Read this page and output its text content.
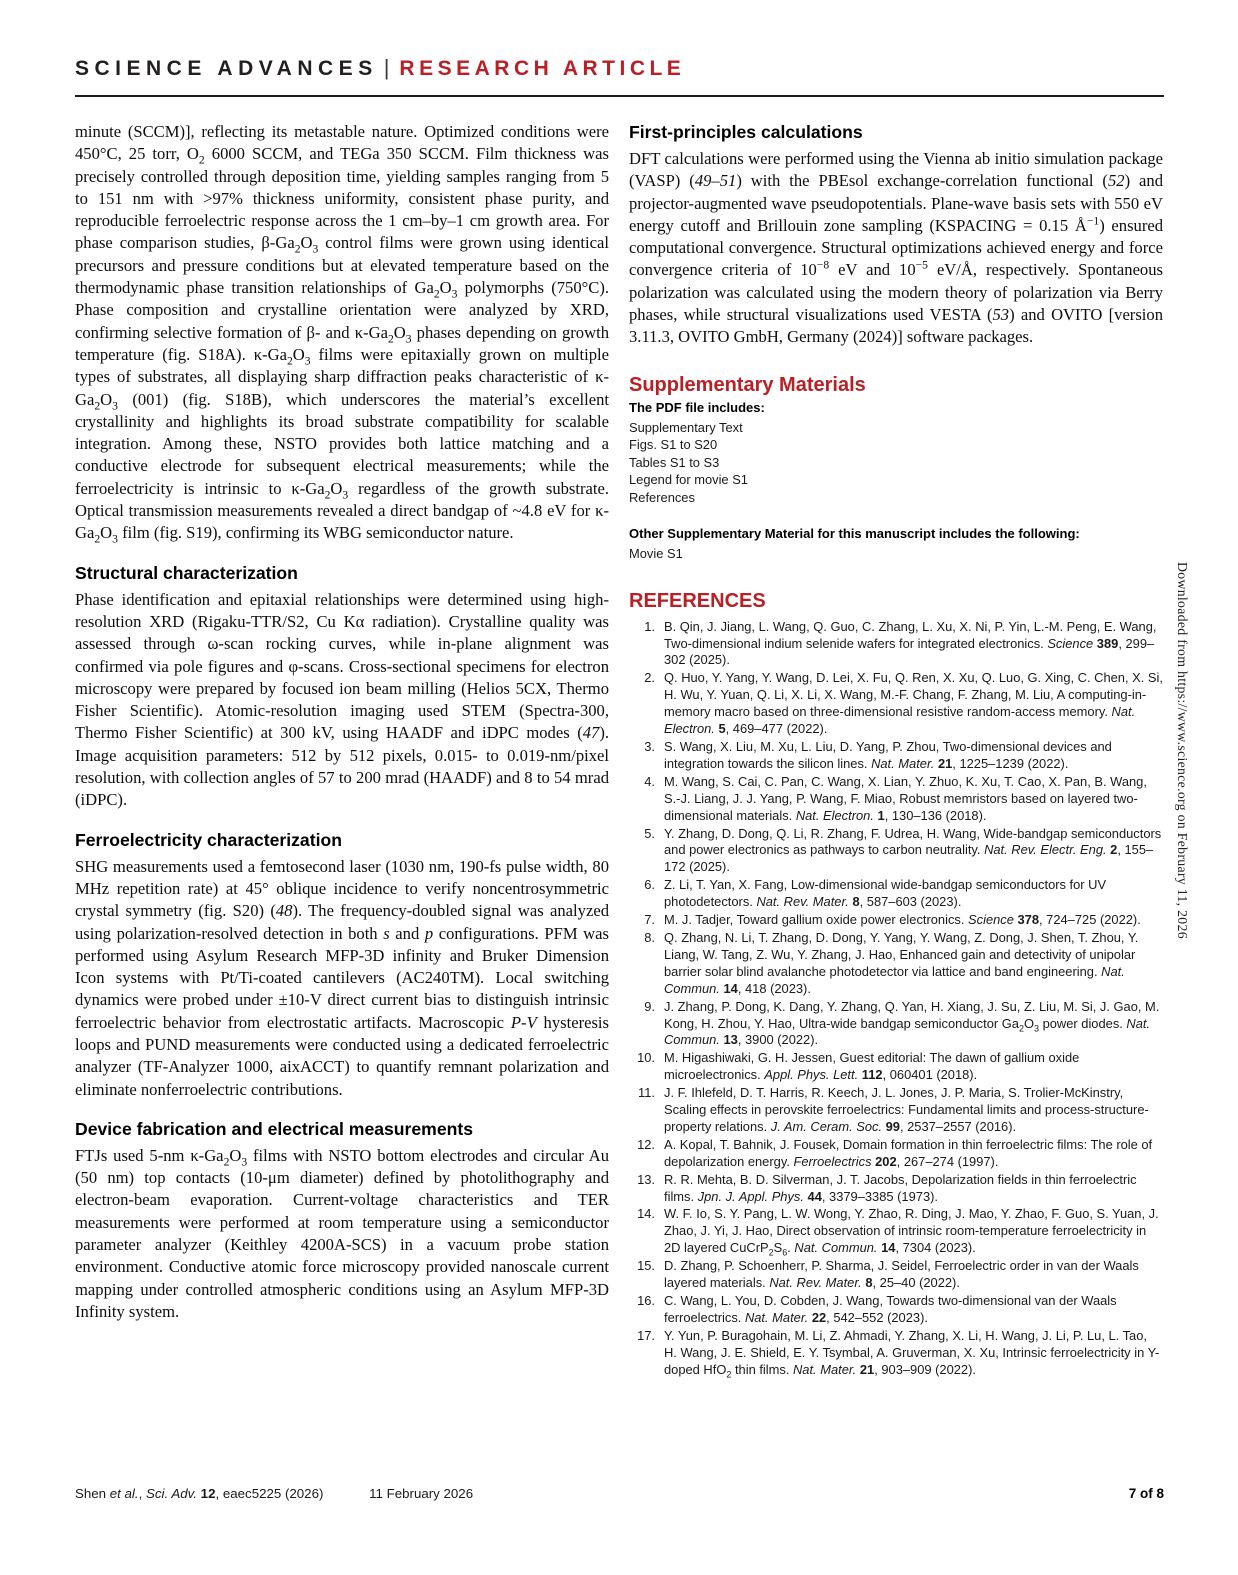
SCIENCE ADVANCES | RESEARCH ARTICLE

minute (SCCM)], reflecting its metastable nature. Optimized conditions were 450°C, 25 torr, $O_2$ 6000 SCCM, and TEGa 350 SCCM. Film thickness was precisely controlled through deposition time, yielding samples ranging from 5 to 151 nm with >97% thickness uniformity, consistent phase purity, and reproducible ferroelectric response across the 1 cm–by–1 cm growth area. For phase comparison studies, $\beta-Ga_2O_3$ control films were grown using identical precursors and pressure conditions but at elevated temperature based on the thermodynamic phase transition relationships of $Ga_2O_3$ polymorphs (750°C). Phase composition and crystalline orientation were analyzed by XRD, confirming selective formation of β- and $\kappa-Ga_2O_3$ phases depending on growth temperature (fig. S18A). $\kappa-Ga_2O_3$ films were epitaxially grown on multiple types of substrates, all displaying sharp diffraction peaks characteristic of $\kappa-Ga_2O_3$ (001) (fig. S18B), which underscores the material’s excellent crystallinity and highlights its broad substrate compatibility for scalable integration. Among these, NSTO provides both lattice matching and a conductive electrode for subsequent electrical measurements; while the ferroelectricity is intrinsic to $\kappa-Ga_2O_3$ regardless of the growth substrate. Optical transmission measurements revealed a direct bandgap of ~4.8 eV for $\kappa-Ga_2O_3$ film (fig. S19), confirming its WBG semiconductor nature.

Structural characterization

Phase identification and epitaxial relationships were determined using high-resolution XRD (Rigaku-TTR/S2, Cu Kα radiation). Crystalline quality was assessed through ω-scan rocking curves, while in-plane alignment was confirmed via pole figures and φ-scans. Cross-sectional specimens for electron microscopy were prepared by focused ion beam milling (Helios 5CX, Thermo Fisher Scientific). Atomic-resolution imaging used STEM (Spectra-300, Thermo Fisher Scientific) at 300 kV, using HAADF and iDPC modes (47). Image acquisition parameters: 512 by 512 pixels, 0.015- to 0.019-nm/pixel resolution, with collection angles of 57 to 200 mrad (HAADF) and 8 to 54 mrad (iDPC).

Ferroelectricity characterization

SHG measurements used a femtosecond laser (1030 nm, 190-fs pulse width, 80 MHz repetition rate) at 45° oblique incidence to verify noncentrosymmetric crystal symmetry (fig. S20) (48). The frequency-doubled signal was analyzed using polarization-resolved detection in both s and p configurations. PFM was performed using Asylum Research MFP-3D infinity and Bruker Dimension Icon systems with Pt/Ti-coated cantilevers (AC240TM). Local switching dynamics were probed under ±10-V direct current bias to distinguish intrinsic ferroelectric behavior from electrostatic artifacts. Macroscopic P-V hysteresis loops and PUND measurements were conducted using a dedicated ferroelectric analyzer (TF-Analyzer 1000, aixACCT) to quantify remnant polarization and eliminate nonferroelectric contributions.

Device fabrication and electrical measurements

FTJs used 5-nm $\kappa-Ga_2O_3$ films with NSTO bottom electrodes and circular Au (50 nm) top contacts (10-μm diameter) defined by photolithography and electron-beam evaporation. Current-voltage characteristics and TER measurements were performed at room temperature using a semiconductor parameter analyzer (Keithley 4200A-SCS) in a vacuum probe station environment. Conductive atomic force microscopy provided nanoscale current mapping under controlled atmospheric conditions using an Asylum MFP-3D Infinity system.

First-principles calculations

DFT calculations were performed using the Vienna ab initio simulation package (VASP) (49–51) with the PBEsol exchange-correlation functional (52) and projector-augmented wave pseudopotentials. Plane-wave basis sets with 550 eV energy cutoff and Brillouin zone sampling (KSPACING = 0.15 $Å^{-1}$) ensured computational convergence. Structural optimizations achieved energy and force convergence criteria of $10^{-8}$ eV and $10^{-5}$ eV/Å, respectively. Spontaneous polarization was calculated using the modern theory of polarization via Berry phases, while structural visualizations used VESTA (53) and OVITO [version 3.11.3, OVITO GmbH, Germany (2024)] software packages.

Supplementary Materials

The PDF file includes:

Supplementary Text
Figs. S1 to S20
Tables S1 to S3
Legend for movie S1
References

Other Supplementary Material for this manuscript includes the following:

Movie S1
REFERENCES
1. B. Qin, J. Jiang, L. Wang, Q. Guo, C. Zhang, L. Xu, X. Ni, P. Yin, L.-M. Peng, E. Wang, Two-dimensional indium selenide wafers for integrated electronics. Science 389, 299–302 (2025).
2. Q. Huo, Y. Yang, Y. Wang, D. Lei, X. Fu, Q. Ren, X. Xu, Q. Luo, G. Xing, C. Chen, X. Si, H. Wu, Y. Yuan, Q. Li, X. Li, X. Wang, M.-F. Chang, F. Zhang, M. Liu, A computing-in-memory macro based on three-dimensional resistive random-access memory. Nat. Electron. 5, 469–477 (2022).
3. S. Wang, X. Liu, M. Xu, L. Liu, D. Yang, P. Zhou, Two-dimensional devices and integration towards the silicon lines. Nat. Mater. 21, 1225–1239 (2022).
4. M. Wang, S. Cai, C. Pan, C. Wang, X. Lian, Y. Zhuo, K. Xu, T. Cao, X. Pan, B. Wang, S.-J. Liang, J. J. Yang, P. Wang, F. Miao, Robust memristors based on layered two-dimensional materials. Nat. Electron. 1, 130–136 (2018).
5. Y. Zhang, D. Dong, Q. Li, R. Zhang, F. Udrea, H. Wang, Wide-bandgap semiconductors and power electronics as pathways to carbon neutrality. Nat. Rev. Electr. Eng. 2, 155–172 (2025).
6. Z. Li, T. Yan, X. Fang, Low-dimensional wide-bandgap semiconductors for UV photodetectors. Nat. Rev. Mater. 8, 587–603 (2023).
7. M. J. Tadjer, Toward gallium oxide power electronics. Science 378, 724–725 (2022).
8. Q. Zhang, N. Li, T. Zhang, D. Dong, Y. Yang, Y. Wang, Z. Dong, J. Shen, T. Zhou, Y. Liang, W. Tang, Z. Wu, Y. Zhang, J. Hao, Enhanced gain and detectivity of unipolar barrier solar blind avalanche photodetector via lattice and band engineering. Nat. Commun. 14, 418 (2023).
9. J. Zhang, P. Dong, K. Dang, Y. Zhang, Q. Yan, H. Xiang, J. Su, Z. Liu, M. Si, J. Gao, M. Kong, H. Zhou, Y. Hao, Ultra-wide bandgap semiconductor $Ga_2O_3$ power diodes. Nat. Commun. 13, 3900 (2022).
10. M. Higashiwaki, G. H. Jessen, Guest editorial: The dawn of gallium oxide microelectronics. Appl. Phys. Lett. 112, 060401 (2018).
11. J. F. Ihlefeld, D. T. Harris, R. Keech, J. L. Jones, J. P. Maria, S. Trolier-McKinstry, Scaling effects in perovskite ferroelectrics: Fundamental limits and process-structure-property relations. J. Am. Ceram. Soc. 99, 2537–2557 (2016).
12. A. Kopal, T. Bahnik, J. Fousek, Domain formation in thin ferroelectric films: The role of depolarization energy. Ferroelectrics 202, 267–274 (1997).
13. R. R. Mehta, B. D. Silverman, J. T. Jacobs, Depolarization fields in thin ferroelectric films. Jpn. J. Appl. Phys. 44, 3379–3385 (1973).
14. W. F. Io, S. Y. Pang, L. W. Wong, Y. Zhao, R. Ding, J. Mao, Y. Zhao, F. Guo, S. Yuan, J. Zhao, J. Yi, J. Hao, Direct observation of intrinsic room-temperature ferroelectricity in 2D layered $CuCrP_2S_6$. Nat. Commun. 14, 7304 (2023).
15. D. Zhang, P. Schoenherr, P. Sharma, J. Seidel, Ferroelectric order in van der Waals layered materials. Nat. Rev. Mater. 8, 25–40 (2022).
16. C. Wang, L. You, D. Cobden, J. Wang, Towards two-dimensional van der Waals ferroelectrics. Nat. Mater. 22, 542–552 (2023).
17. Y. Yun, P. Buragohain, M. Li, Z. Ahmadi, Y. Zhang, X. Li, H. Wang, J. Li, P. Lu, L. Tao, H. Wang, J. E. Shield, E. Y. Tsymbal, A. Gruverman, X. Xu, Intrinsic ferroelectricity in Y-doped HfO$_2$ thin films. Nat. Mater. 21, 903–909 (2022).
Downloaded from https://www.science.org on February 11, 2026
Shen et al., Sci. Adv. 12, eaec5225 (2026)	11 February 2026	7 of 8
